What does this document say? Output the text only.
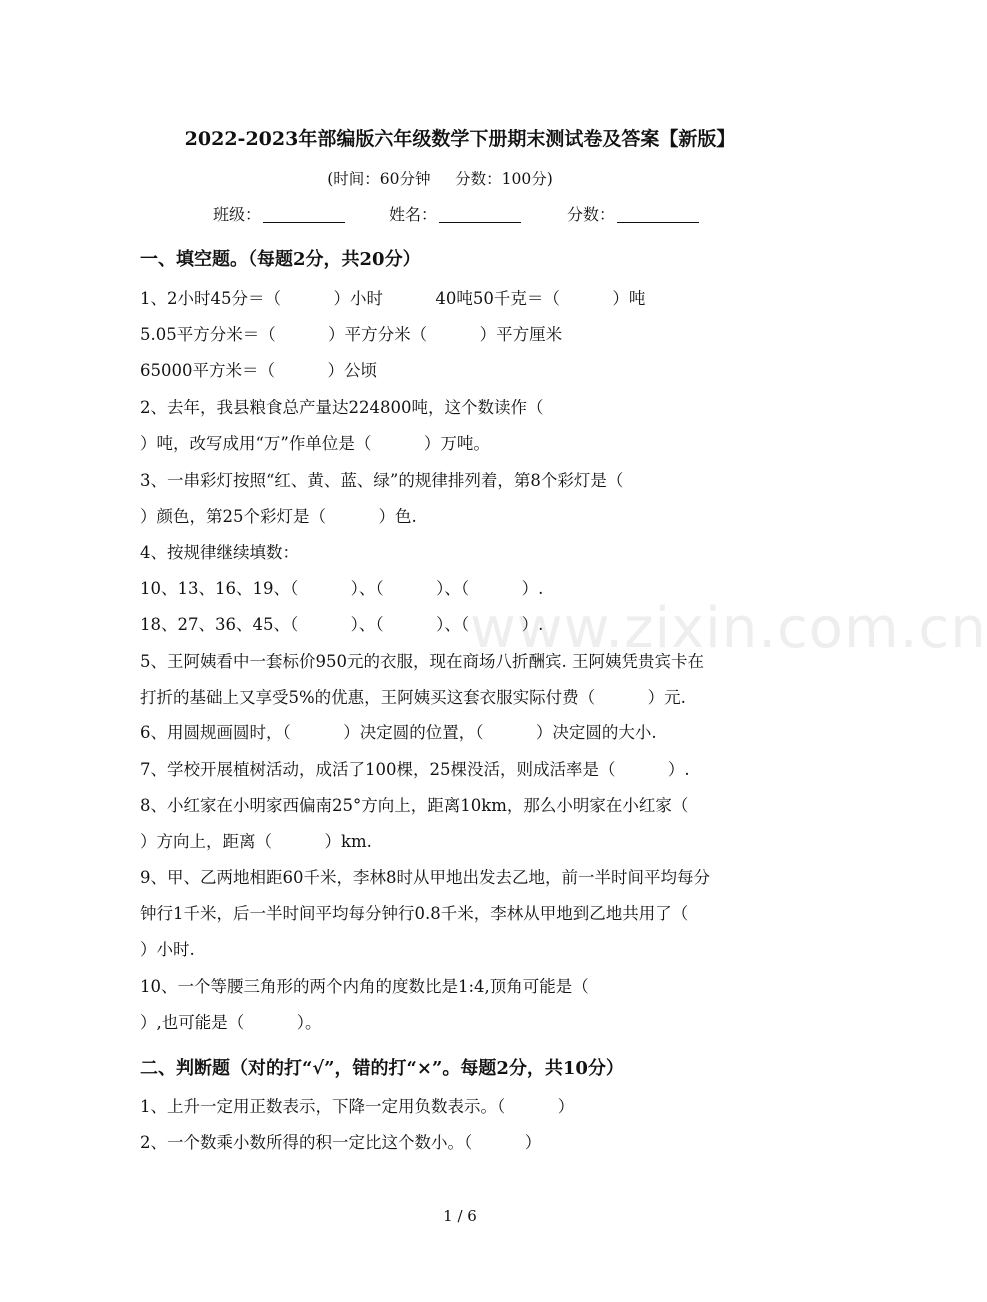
2022-2023年部编版六年级数学下册期末测试卷及答案【新版】
(时间：60分钟     分数：100分)
班级：	姓名：	分数：
一、填空题。（每题2分，共20分）
1、2小时45分＝（          ）小时          40吨50千克＝（          ）吨
5.05平方分米＝（          ）平方分米（          ）平方厘米
65000平方米＝（          ）公顷
2、去年，我县粮食总产量达224800吨，这个数读作（
）吨，改写成用“万”作单位是（          ）万吨。
3、一串彩灯按照“红、黄、蓝、绿”的规律排列着，第8个彩灯是（
）颜色，第25个彩灯是（          ）色.
4、按规律继续填数：
10、13、16、19、（          ）、（          ）、（          ）.
18、27、36、45、（          ）、（          ）、（          ）.
5、王阿姨看中一套标价950元的衣服，现在商场八折酬宾. 王阿姨凭贵宾卡在
打折的基础上又享受5%的优惠，王阿姨买这套衣服实际付费（          ）元.
6、用圆规画圆时，（          ）决定圆的位置，（          ）决定圆的大小.
7、学校开展植树活动，成活了100棵，25棵没活，则成活率是（          ）.
8、小红家在小明家西偏南25°方向上，距离10km，那么小明家在小红家（
）方向上，距离（          ）km.
9、甲、乙两地相距60千米，李林8时从甲地出发去乙地，前一半时间平均每分
钟行1千米，后一半时间平均每分钟行0.8千米，李林从甲地到乙地共用了（
）小时.
10、一个等腰三角形的两个内角的度数比是1:4,顶角可能是（
）,也可能是（          ）。
二、判断题（对的打“√”，错的打“×”。每题2分，共10分）
1、上升一定用正数表示，下降一定用负数表示。（          ）
2、一个数乘小数所得的积一定比这个数小。（          ）
1 / 6
www.zixin.com.cn
